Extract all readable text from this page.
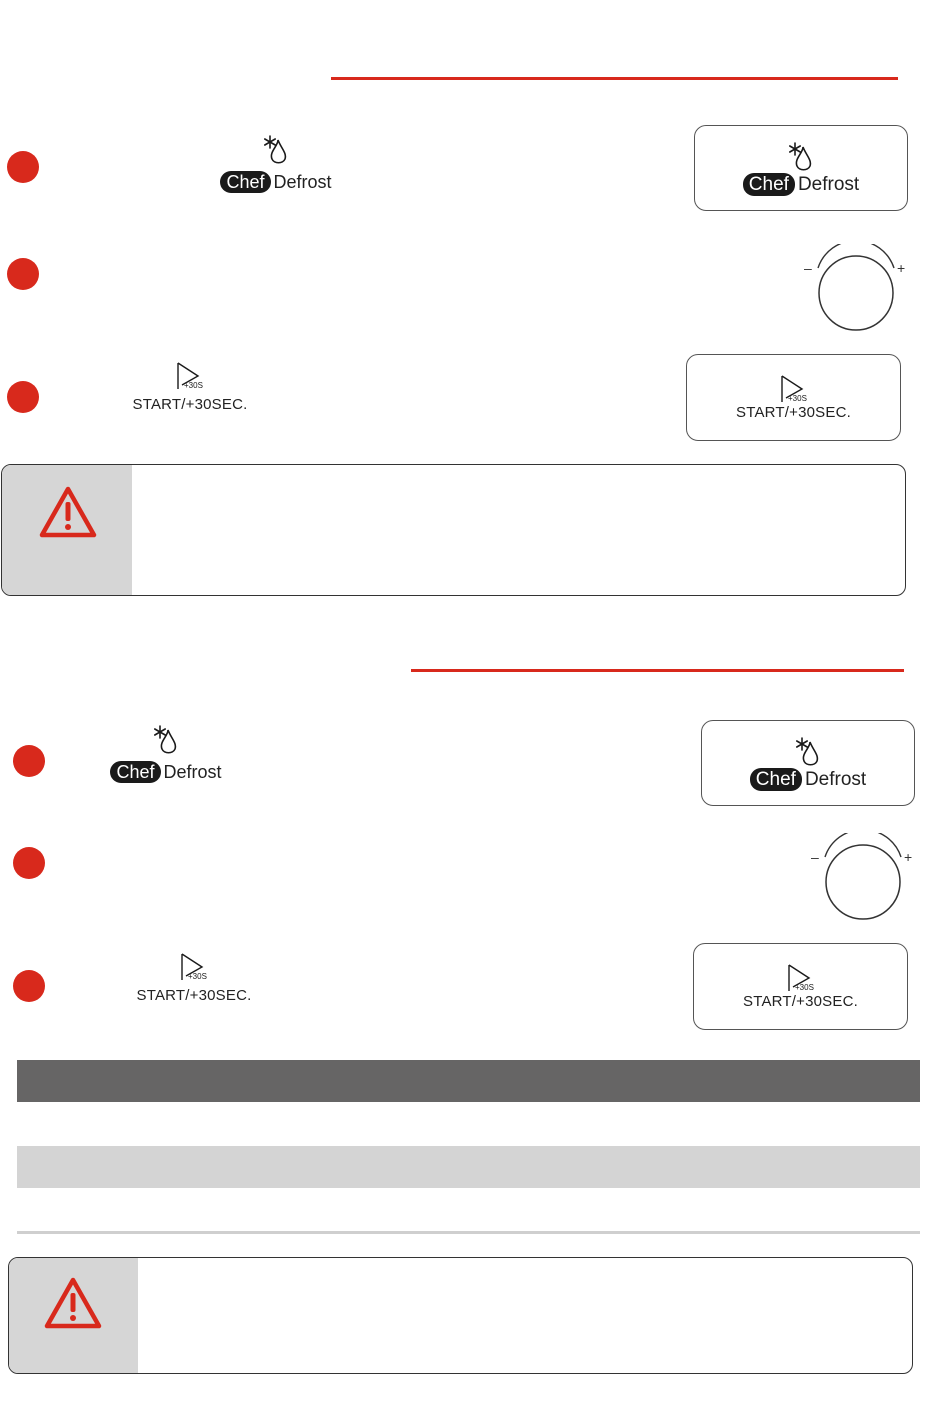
Chef Defrost	Chef Defrost
–	+
+30S
START/+30SEC.	+30S
START/+30SEC.
Chef Defrost	Chef Defrost
–	+
+30S
START/+30SEC.	+30S
START/+30SEC.
